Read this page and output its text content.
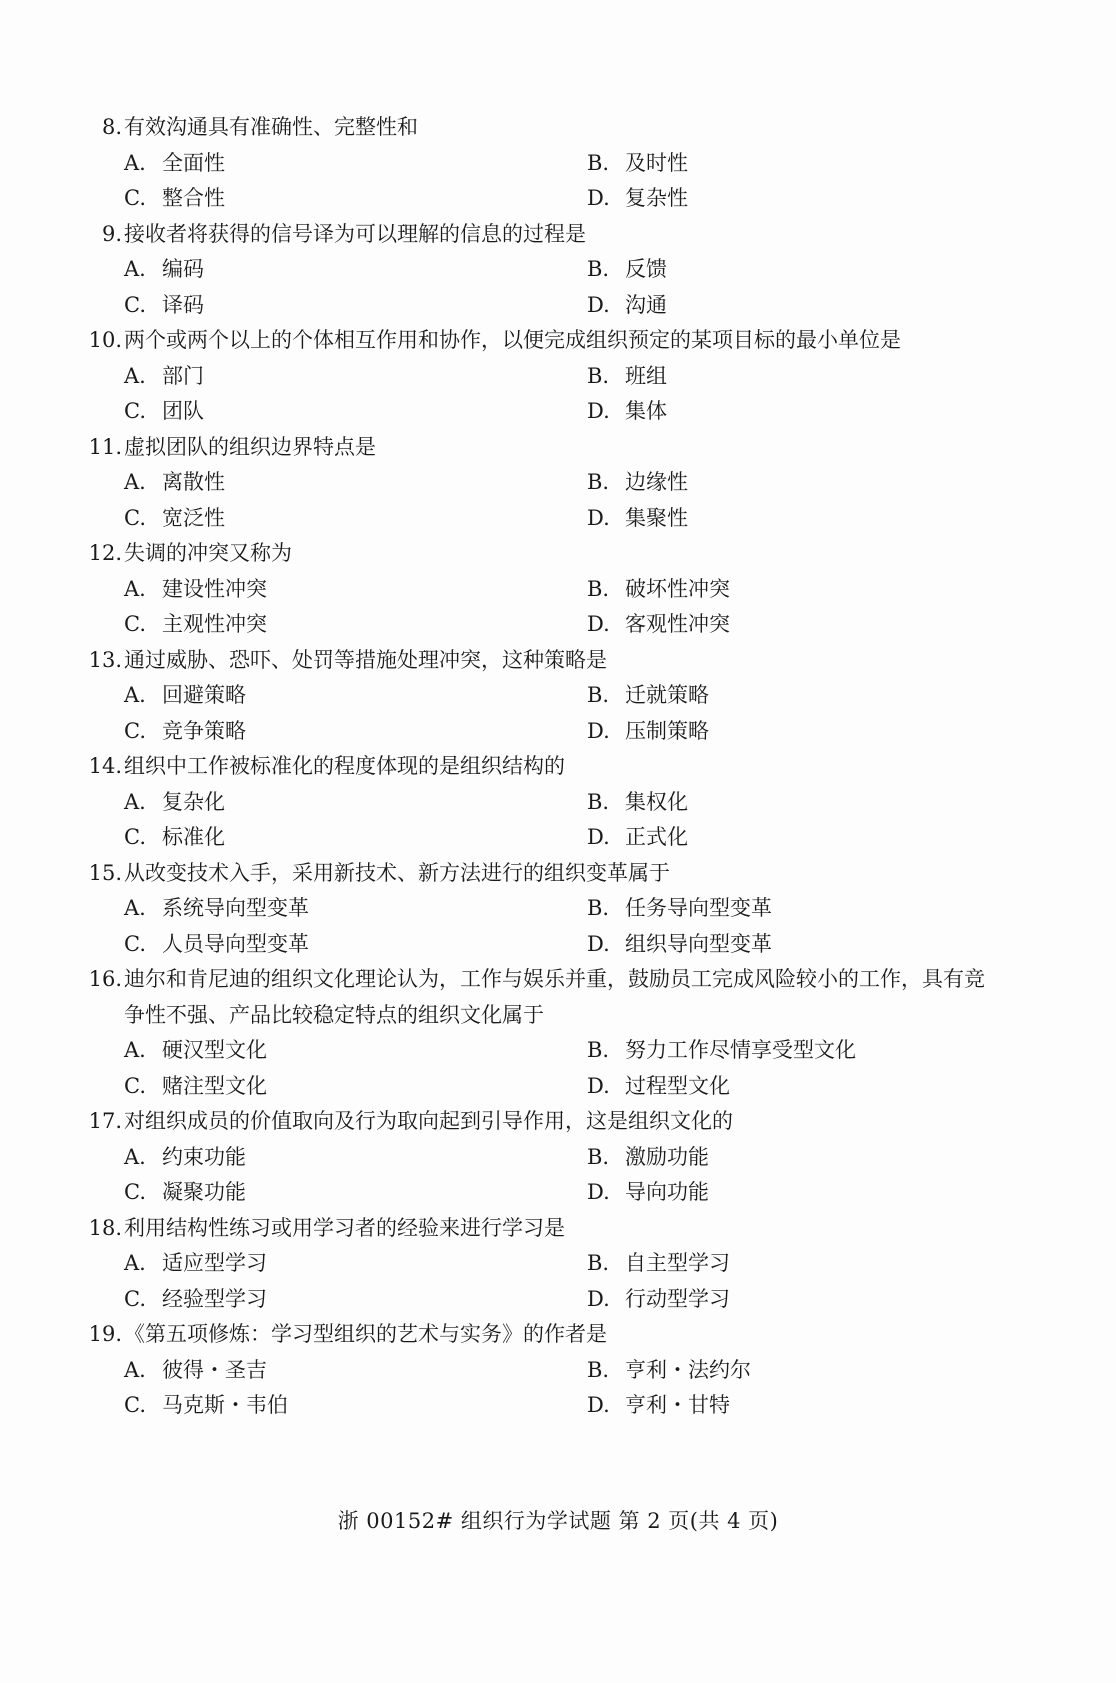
8. 有效沟通具有准确性、完整性和
A. 全面性	B. 及时性
C. 整合性	D. 复杂性
9. 接收者将获得的信号译为可以理解的信息的过程是
A. 编码	B. 反馈
C. 译码	D. 沟通
10. 两个或两个以上的个体相互作用和协作，以便完成组织预定的某项目标的最小单位是
A. 部门	B. 班组
C. 团队	D. 集体
11. 虚拟团队的组织边界特点是
A. 离散性	B. 边缘性
C. 宽泛性	D. 集聚性
12. 失调的冲突又称为
A. 建设性冲突	B. 破坏性冲突
C. 主观性冲突	D. 客观性冲突
13. 通过威胁、恐吓、处罚等措施处理冲突，这种策略是
A. 回避策略	B. 迁就策略
C. 竞争策略	D. 压制策略
14. 组织中工作被标准化的程度体现的是组织结构的
A. 复杂化	B. 集权化
C. 标准化	D. 正式化
15. 从改变技术入手，采用新技术、新方法进行的组织变革属于
A. 系统导向型变革	B. 任务导向型变革
C. 人员导向型变革	D. 组织导向型变革
16. 迪尔和肯尼迪的组织文化理论认为，工作与娱乐并重，鼓励员工完成风险较小的工作，具有竞争性不强、产品比较稳定特点的组织文化属于
A. 硬汉型文化	B. 努力工作尽情享受型文化
C. 赌注型文化	D. 过程型文化
17. 对组织成员的价值取向及行为取向起到引导作用，这是组织文化的
A. 约束功能	B. 激励功能
C. 凝聚功能	D. 导向功能
18. 利用结构性练习或用学习者的经验来进行学习是
A. 适应型学习	B. 自主型学习
C. 经验型学习	D. 行动型学习
19. 《第五项修炼：学习型组织的艺术与实务》的作者是
A. 彼得・圣吉	B. 亨利・法约尔
C. 马克斯・韦伯	D. 亨利・甘特
浙 00152# 组织行为学试题 第 2 页(共 4 页)
